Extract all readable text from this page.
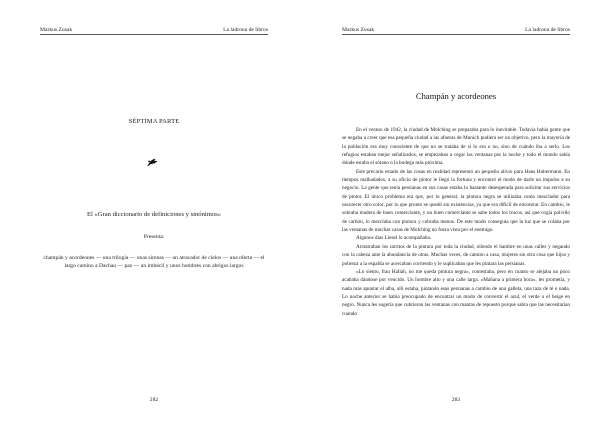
Markus Zusak	La ladrona de libros
SÉPTIMA PARTE
El «Gran diccionario de definiciones y sinónimos»
Presenta:
champán y acordeones — una trilogía — unas sirenas — un atracador de cielos — una oferta — el largo camino a Dachau — paz — un imbécil y unos hombres con abrigos largos
282
Markus Zusak	La ladrona de libros
Champán y acordeones

En el verano de 1942, la ciudad de Molching se preparaba para lo inevitable. Todavía había gente que se negaba a creer que esa pequeña ciudad a las afueras de Munich pudiera ser un objetivo, pero la mayoría de la población era muy consciente de que no se trataba de si lo era o no, sino de cuándo iba a serlo. Los refugios estaban mejor señalizados, se empezaban a cegar las ventanas por la noche y todo el mundo sabía dónde estaba el sótano o la bodega más próxima.

Este precario estado de las cosas en realidad representó un pequeño alivio para Hans Hubermann. En tiempos malhadados, a su oficio de pintor le llegó la fortuna y encontró el modo de darle un impulso a su negocio. La gente que tenía persianas en sus casas estaba lo bastante desesperada para solicitar sus servicios de pintor. El único problema era que, por lo general, la pintura negra se utilizaba como mezclador para oscurecer otro color, por lo que pronto se quedó sin existencias, ya que era difícil de encontrar. En cambio, le sobraba madera de buen comerciante, y un buen comerciante se sabe todos los trucos, así que cogía polvillo de carbón, lo mezclaba con pintura y cobraba menos. De este modo conseguía que la luz que se colaba por las ventanas de muchas casas de Molching no fuera vista por el enemigo.

Algunos días Liesel lo acompañaba.

Arrastraban los tarritos de la pintura por toda la ciudad, oliendo el hambre en unas calles y negando con la cabeza ante la abundancia de otras. Muchas veces, de camino a casa, mujeres sin otra cosa que hijos y pobreza a la espalda se acercaban corriendo y le suplicaban que les pintara las persianas.

«Lo siento, frau Hallah, no me queda pintura negra», contestaba, pero en cuanto se alejaba un poco acababa dándose por vencido. Un hombre alto y una calle larga. «Mañana a primera hora», les prometía, y nada más apuntar el alba, allí estaba, pintando esas persianas a cambio de una galleta, una taza de té o nada. Lo noche anterior se había preocupado de encontrar un modo de convertir el azul, el verde o el beige en negro. Nunca les sugería que cubrieran las ventanas con mantas de repuesto porque sabía que las necesitarían cuando

283
